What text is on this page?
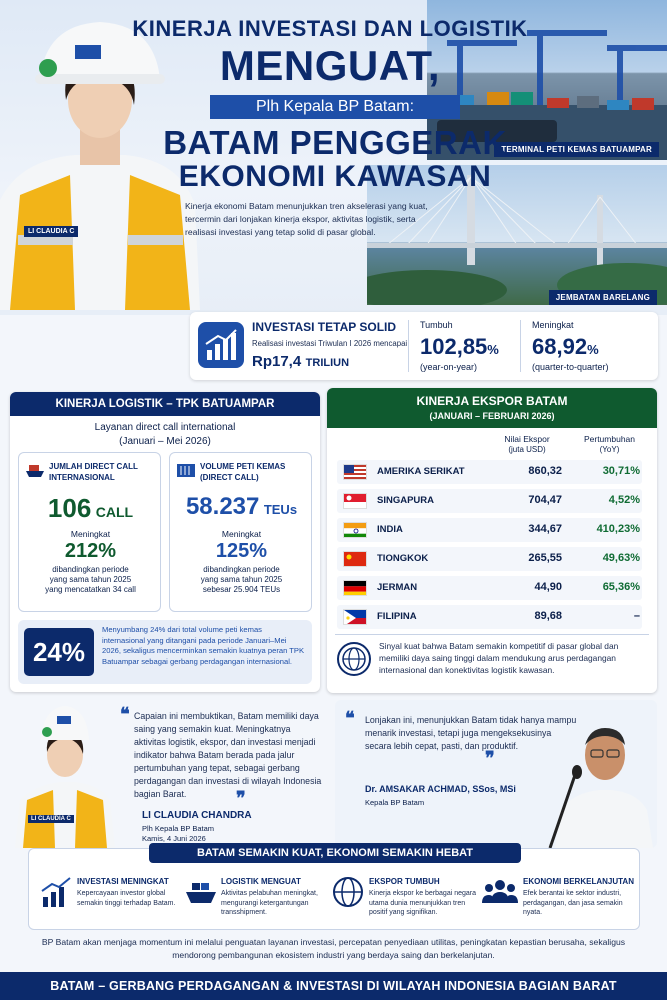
TERMINAL PETI KEMAS BATUAMPAR
JEMBATAN BARELANG
LI CLAUDIA C
KINERJA INVESTASI DAN LOGISTIK
MENGUAT,
Plh Kepala BP Batam:
BATAM PENGGERAK
EKONOMI KAWASAN
Kinerja ekonomi Batam menunjukkan tren akselerasi yang kuat, tercermin dari lonjakan kinerja ekspor, aktivitas logistik, serta realisasi investasi yang tetap solid di pasar global.
INVESTASI TETAP SOLID
Realisasi investasi Triwulan I 2026 mencapai
Rp17,4 TRILIUN
Tumbuh
102,85%
(year-on-year)
Meningkat
68,92%
(quarter-to-quarter)
KINERJA LOGISTIK – TPK BATUAMPAR
Layanan direct call international
(Januari – Mei 2026)
JUMLAH DIRECT CALL INTERNASIONAL
106 CALL
Meningkat
212%
dibandingkan periode
yang sama tahun 2025
yang mencatatkan 34 call
VOLUME PETI KEMAS (DIRECT CALL)
58.237 TEUs
Meningkat
125%
dibandingkan periode
yang sama tahun 2025
sebesar 25.904 TEUs
24%
Menyumbang 24% dari total volume peti kemas internasional yang ditangani pada periode Januari–Mei 2026, sekaligus mencerminkan semakin kuatnya peran TPK Batuampar sebagai gerbang perdagangan internasional.
KINERJA EKSPOR BATAM
(JANUARI – FEBRUARI 2026)
Nilai Ekspor
(juta USD)
Pertumbuhan
(YoY)
AMERIKA SERIKAT	860,32	30,71%
SINGAPURA	704,47	4,52%
INDIA	344,67	410,23%
TIONGKOK	265,55	49,63%
JERMAN	44,90	65,36%
FILIPINA	89,68	–
Sinyal kuat bahwa Batam semakin kompetitif di pasar global dan memiliki daya saing tinggi dalam mendukung arus perdagangan internasional dan konektivitas logistik kawasan.
LI CLAUDIA C
❝ Capaian ini membuktikan, Batam memiliki daya saing yang semakin kuat. Meningkatnya aktivitas logistik, ekspor, dan investasi menjadi indikator bahwa Batam berada pada jalur pertumbuhan yang tepat, sebagai gerbang perdagangan dan investasi di wilayah Indonesia bagian Barat.	❞
LI CLAUDIA CHANDRA
Plh Kepala BP Batam
Kamis, 4 Juni 2026
❝ Lonjakan ini, menunjukkan Batam tidak hanya mampu menarik investasi, tetapi juga mengeksekusinya secara lebih cepat, pasti, dan produktif.
❞
Dr. AMSAKAR ACHMAD, SSos, MSi
Kepala BP Batam
BATAM SEMAKIN KUAT, EKONOMI SEMAKIN HEBAT
INVESTASI MENINGKAT
Kepercayaan investor global semakin tinggi terhadap Batam.
LOGISTIK MENGUAT
Aktivitas pelabuhan meningkat, mengurangi ketergantungan transshipment.
EKSPOR TUMBUH
Kinerja ekspor ke berbagai negara utama dunia menunjukkan tren positif yang signifikan.
EKONOMI BERKELANJUTAN
Efek berantai ke sektor industri, perdagangan, dan jasa semakin nyata.
BP Batam akan menjaga momentum ini melalui penguatan layanan investasi, percepatan penyediaan utilitas, peningkatan kepastian berusaha, sekaligus mendorong pembangunan ekosistem industri yang berdaya saing dan berkelanjutan.
BATAM – GERBANG PERDAGANGAN & INVESTASI DI WILAYAH INDONESIA BAGIAN BARAT
